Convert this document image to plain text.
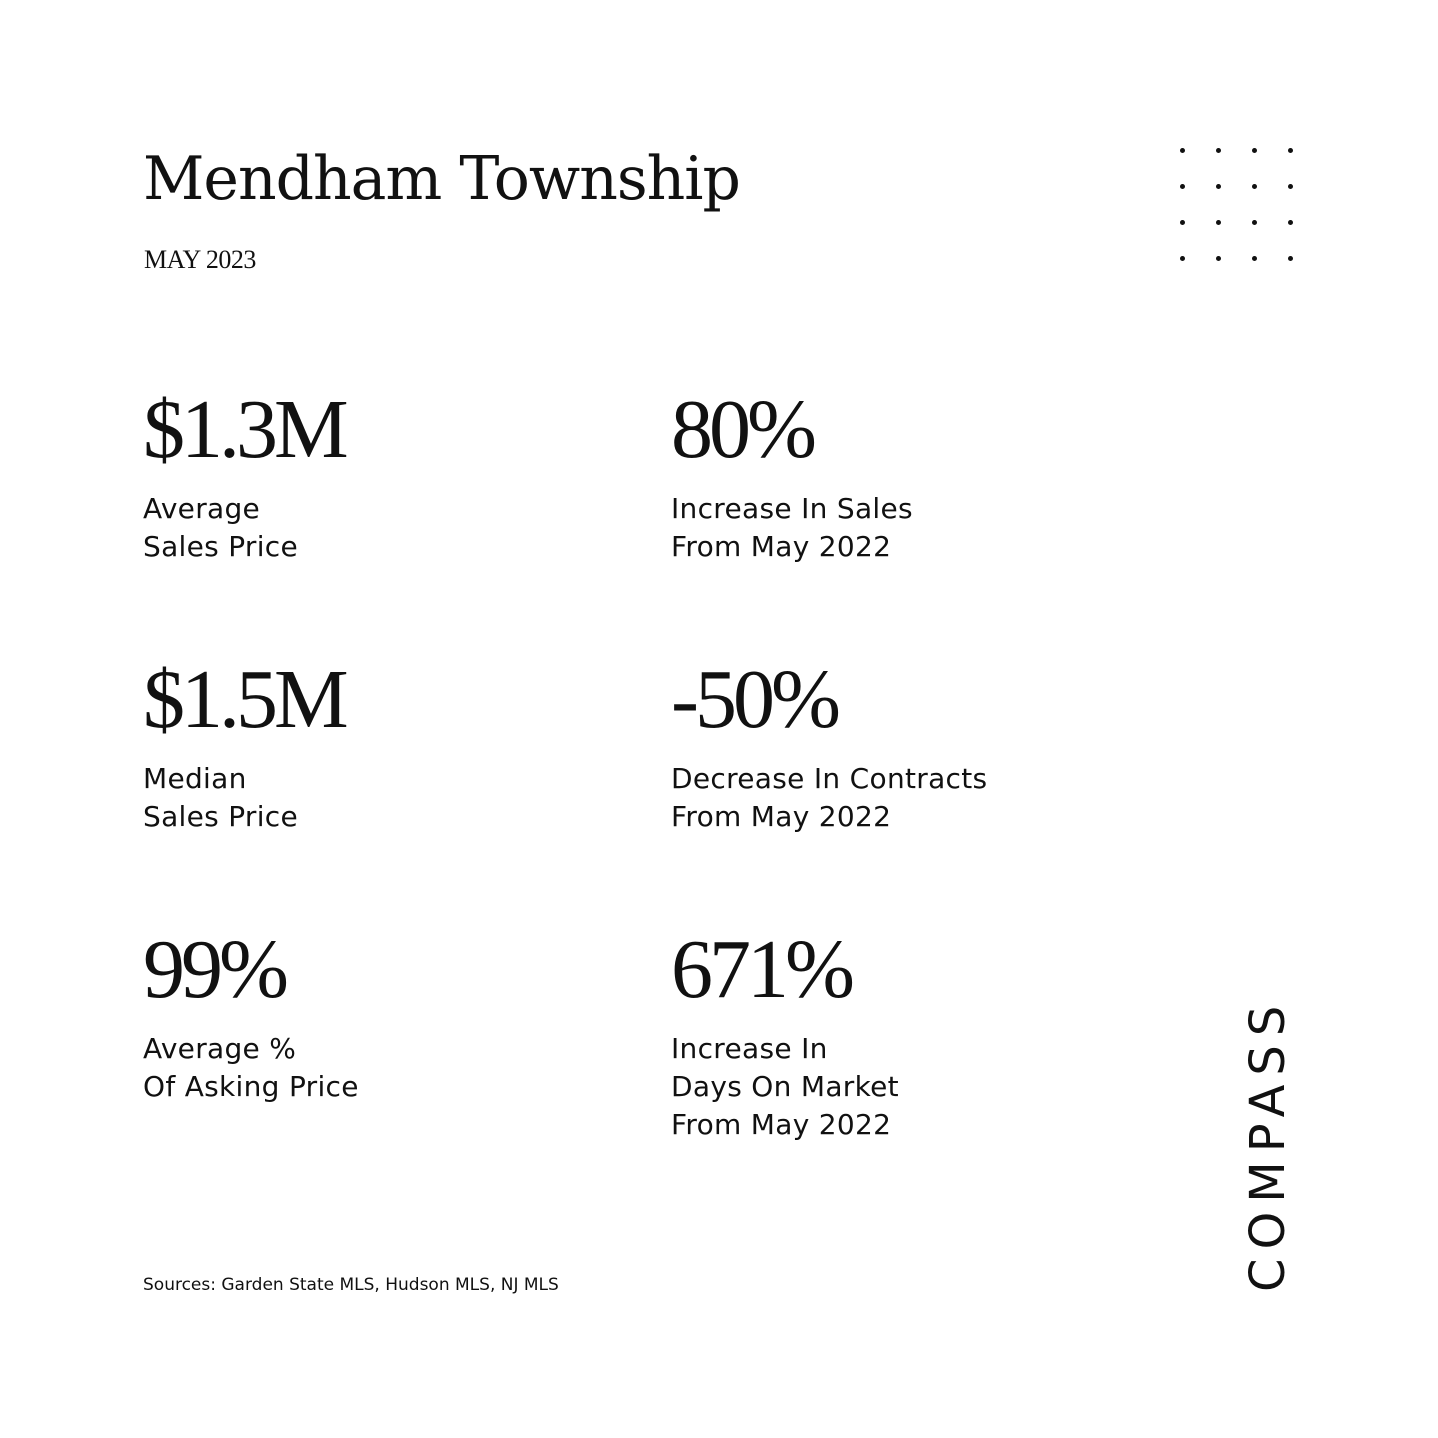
Mendham Township
MAY 2023
$1.3M
Average
Sales Price
80%
Increase In Sales
From May 2022
$1.5M
Median
Sales Price
-50%
Decrease In Contracts
From May 2022
99%
Average %
Of Asking Price
671%
Increase In
Days On Market
From May 2022
Sources: Garden State MLS, Hudson MLS, NJ MLS	COMPASS
